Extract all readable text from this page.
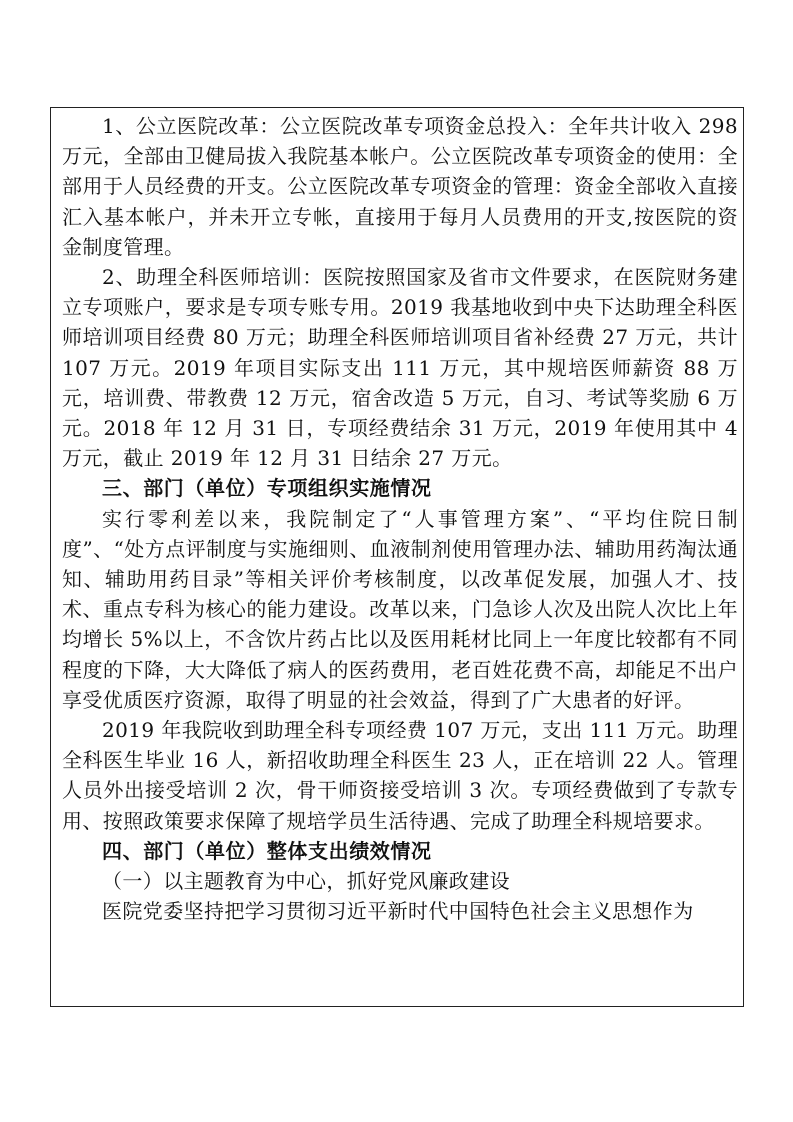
1、公立医院改革：公立医院改革专项资金总投入：全年共计收入 298 万元，全部由卫健局拔入我院基本帐户。公立医院改革专项资金的使用：全部用于人员经费的开支。公立医院改革专项资金的管理：资金全部收入直接汇入基本帐户，并未开立专帐，直接用于每月人员费用的开支,按医院的资金制度管理。

2、助理全科医师培训：医院按照国家及省市文件要求，在医院财务建立专项账户，要求是专项专账专用。2019 我基地收到中央下达助理全科医师培训项目经费 80 万元；助理全科医师培训项目省补经费 27 万元，共计 107 万元。2019 年项目实际支出 111 万元，其中规培医师薪资 88 万元，培训费、带教费 12 万元，宿舍改造 5 万元，自习、考试等奖励 6 万元。2018 年 12 月 31 日，专项经费结余 31 万元，2019 年使用其中 4 万元，截止 2019 年 12 月 31 日结余 27 万元。

三、部门（单位）专项组织实施情况

实行零利差以来，我院制定了“人事管理方案”、“平均住院日制度”、“处方点评制度与实施细则、血液制剂使用管理办法、辅助用药淘汰通知、辅助用药目录”等相关评价考核制度，以改革促发展，加强人才、技术、重点专科为核心的能力建设。改革以来，门急诊人次及出院人次比上年均增长 5%以上，不含饮片药占比以及医用耗材比同上一年度比较都有不同程度的下降，大大降低了病人的医药费用，老百姓花费不高，却能足不出户享受优质医疗资源，取得了明显的社会效益，得到了广大患者的好评。

2019 年我院收到助理全科专项经费 107 万元，支出 111 万元。助理全科医生毕业 16 人，新招收助理全科医生 23 人，正在培训 22 人。管理人员外出接受培训 2 次，骨干师资接受培训 3 次。专项经费做到了专款专用、按照政策要求保障了规培学员生活待遇、完成了助理全科规培要求。

四、部门（单位）整体支出绩效情况

（一）以主题教育为中心，抓好党风廉政建设

医院党委坚持把学习贯彻习近平新时代中国特色社会主义思想作为
